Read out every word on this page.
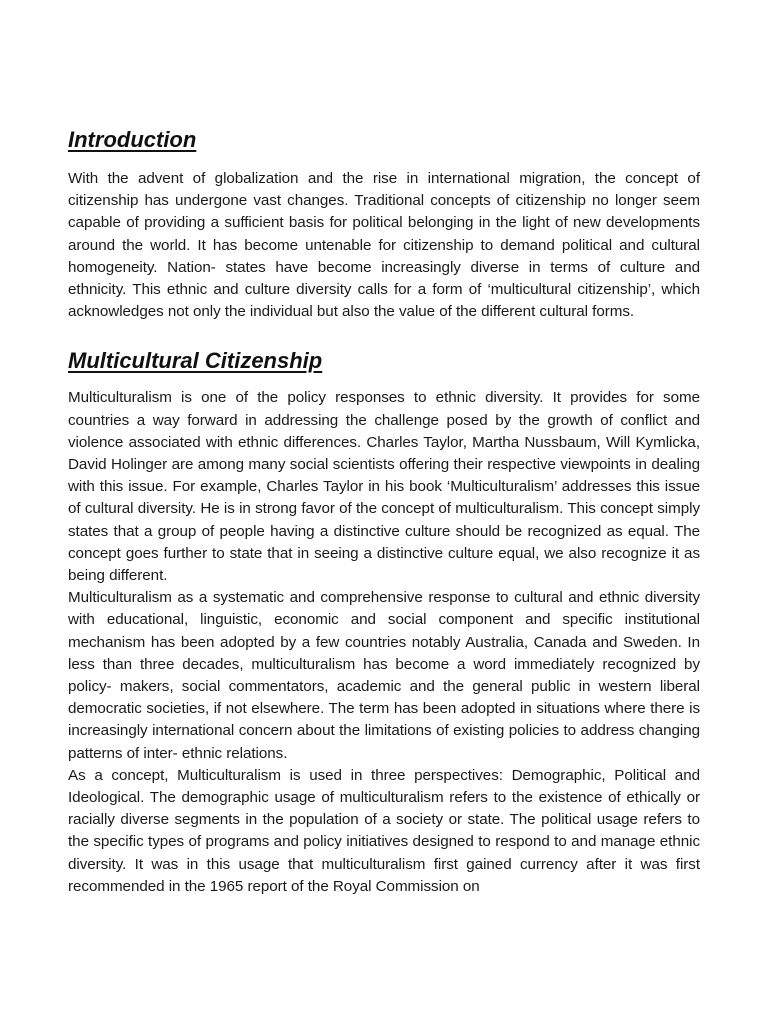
Introduction

With the advent of globalization and the rise in international migration, the concept of citizenship has undergone vast changes. Traditional concepts of citizenship no longer seem capable of providing a sufficient basis for political belonging in the light of new developments around the world. It has become untenable for citizenship to demand political and cultural homogeneity. Nation- states have become increasingly diverse in terms of culture and ethnicity. This ethnic and culture diversity calls for a form of ‘multicultural citizenship’, which acknowledges not only the individual but also the value of the different cultural forms.

Multicultural Citizenship

Multiculturalism is one of the policy responses to ethnic diversity. It provides for some countries a way forward in addressing the challenge posed by the growth of conflict and violence associated with ethnic differences. Charles Taylor, Martha Nussbaum, Will Kymlicka, David Holinger are among many social scientists offering their respective viewpoints in dealing with this issue. For example, Charles Taylor in his book ‘Multiculturalism’ addresses this issue of cultural diversity. He is in strong favor of the concept of multiculturalism. This concept simply states that a group of people having a distinctive culture should be recognized as equal. The concept goes further to state that in seeing a distinctive culture equal, we also recognize it as being different.

Multiculturalism as a systematic and comprehensive response to cultural and ethnic diversity with educational, linguistic, economic and social component and specific institutional mechanism has been adopted by a few countries notably Australia, Canada and Sweden. In less than three decades, multiculturalism has become a word immediately recognized by policy- makers, social commentators, academic and the general public in western liberal democratic societies, if not elsewhere. The term has been adopted in situations where there is increasingly international concern about the limitations of existing policies to address changing patterns of inter- ethnic relations.

As a concept, Multiculturalism is used in three perspectives: Demographic, Political and Ideological. The demographic usage of multiculturalism refers to the existence of ethically or racially diverse segments in the population of a society or state. The political usage refers to the specific types of programs and policy initiatives designed to respond to and manage ethnic diversity. It was in this usage that multiculturalism first gained currency after it was first recommended in the 1965 report of the Royal Commission on
